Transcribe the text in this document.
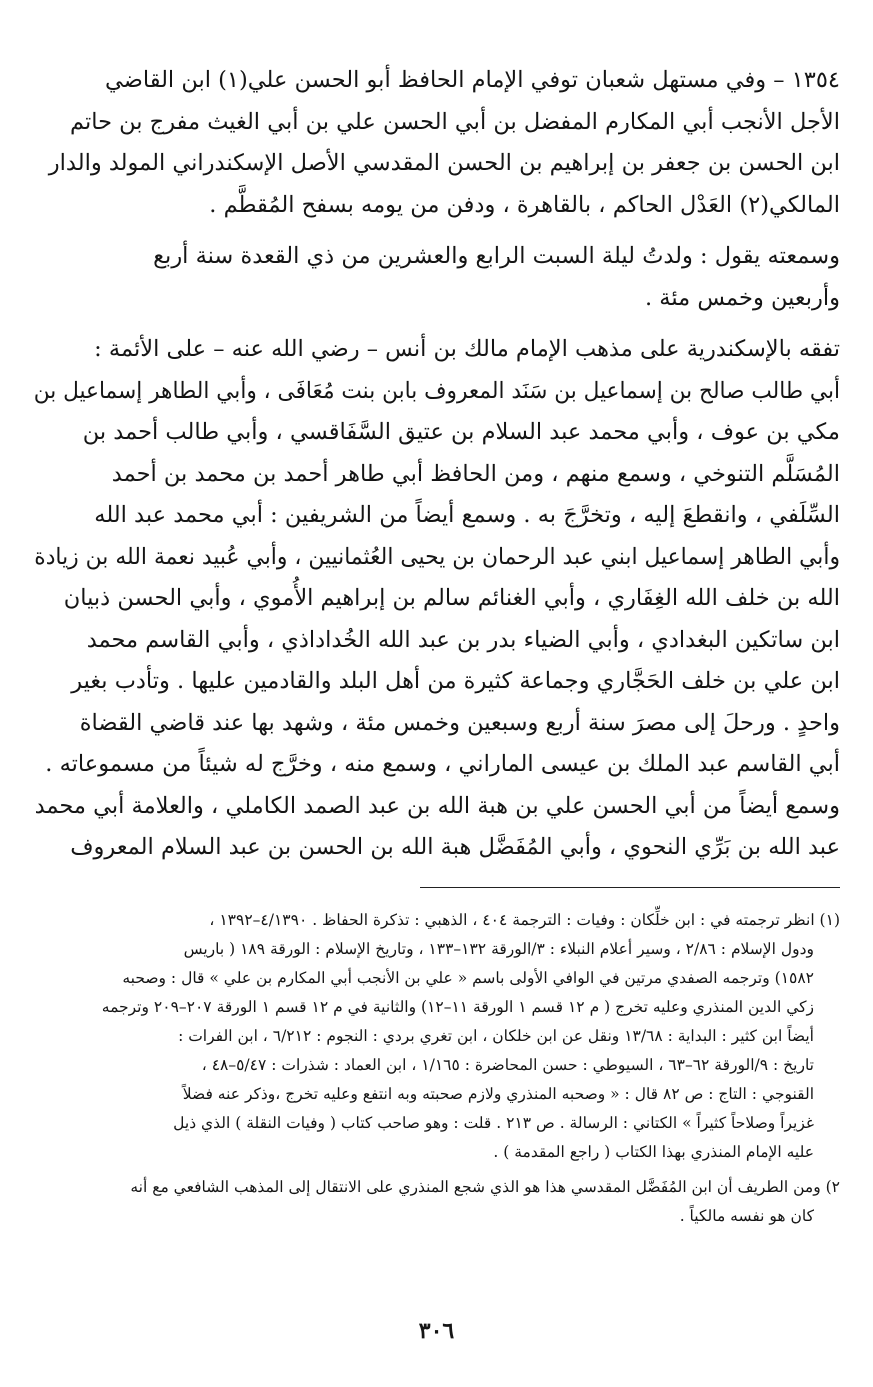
١٣٥٤ – وفي مستهل شعبان توفي الإمام الحافظ أبو الحسن علي(١) ابن القاضي
الأجل الأنجب أبي المكارم المفضل بن أبي الحسن علي بن أبي الغيث مفرج بن حاتم
ابن الحسن بن جعفر بن إبراهيم بن الحسن المقدسي الأصل الإسكندراني المولد والدار
المالكي(٢) العَدْل الحاكم ، بالقاهرة ، ودفن من يومه بسفح المُقطَّم .

وسمعته يقول : ولدتُ ليلة السبت الرابع والعشرين من ذي القعدة سنة أربع
وأربعين وخمس مئة .

تفقه بالإسكندرية على مذهب الإمام مالك بن أنس – رضي الله عنه – على الأئمة :
أبي طالب صالح بن إسماعيل بن سَنَد المعروف بابن بنت مُعَافَى ، وأبي الطاهر إسماعيل بن
مكي بن عوف ، وأبي محمد عبد السلام بن عتيق السَّفَاقسي ، وأبي طالب أحمد بن
المُسَلَّم التنوخي ، وسمع منهم ، ومن الحافظ أبي طاهر أحمد بن محمد بن أحمد
السِّلَفي ، وانقطعَ إليه ، وتخرَّجَ به . وسمع أيضاً من الشريفين : أبي محمد عبد الله
وأبي الطاهر إسماعيل ابني عبد الرحمان بن يحيى العُثمانيين ، وأبي عُبيد نعمة الله بن زيادة
الله بن خلف الله الغِفَاري ، وأبي الغنائم سالم بن إبراهيم الأُموي ، وأبي الحسن ذبيان
ابن ساتكين البغدادي ، وأبي الضياء بدر بن عبد الله الخُداداذي ، وأبي القاسم محمد
ابن علي بن خلف الحَجَّاري وجماعة كثيرة من أهل البلد والقادمين عليها . وتأدب بغير
واحدٍ . ورحلَ إلى مصرَ سنة أربع وسبعين وخمس مئة ، وشهد بها عند قاضي القضاة
أبي القاسم عبد الملك بن عيسى الماراني ، وسمع منه ، وخرَّج له شيئاً من مسموعاته .
وسمع أيضاً من أبي الحسن علي بن هبة الله بن عبد الصمد الكاملي ، والعلامة أبي محمد
عبد الله بن بَرِّي النحوي ، وأبي المُفَضَّل هبة الله بن الحسن بن عبد السلام المعروف

(١) انظر ترجمته في : ابن خلِّكان : وفيات : الترجمة ٤٠٤ ، الذهبي : تذكرة الحفاظ . ٤/١٣٩٠–١٣٩٢ ،
ودول الإسلام : ٢/٨٦ ، وسير أعلام النبلاء : ٣/الورقة ١٣٢–١٣٣ ، وتاريخ الإسلام : الورقة ١٨٩ ( باريس
١٥٨٢) وترجمه الصفدي مرتين في الوافي الأولى باسم « علي بن الأنجب أبي المكارم بن علي » قال : وصحبه
زكي الدين المنذري وعليه تخرج ( م ١٢ قسم ١ الورقة ١١–١٢) والثانية في م ١٢ قسم ١ الورقة ٢٠٧–٢٠٩ وترجمه
أيضاً ابن كثير : البداية : ١٣/٦٨ ونقل عن ابن خلكان ، ابن تغري بردي : النجوم : ٦/٢١٢ ، ابن الفرات :
تاريخ : ٩/الورقة ٦٢–٦٣ ، السيوطي : حسن المحاضرة : ١/١٦٥ ، ابن العماد : شذرات : ٥/٤٧–٤٨ ،
القنوجي : التاج : ص ٨٢ قال : « وصحبه المنذري ولازم صحبته وبه انتفع وعليه تخرج ،وذكر عنه فضلاً
غزيراً وصلاحاً كثيراً » الكتاني : الرسالة . ص ٢١٣ . قلت : وهو صاحب كتاب ( وفيات النقلة ) الذي ذيل
عليه الإمام المنذري بهذا الكتاب ( راجع المقدمة ) .
٢) ومن الطريف أن ابن المُفَضَّل المقدسي هذا هو الذي شجع المنذري على الانتقال إلى المذهب الشافعي مع أنه
كان هو نفسه مالكياً .
٣٠٦
